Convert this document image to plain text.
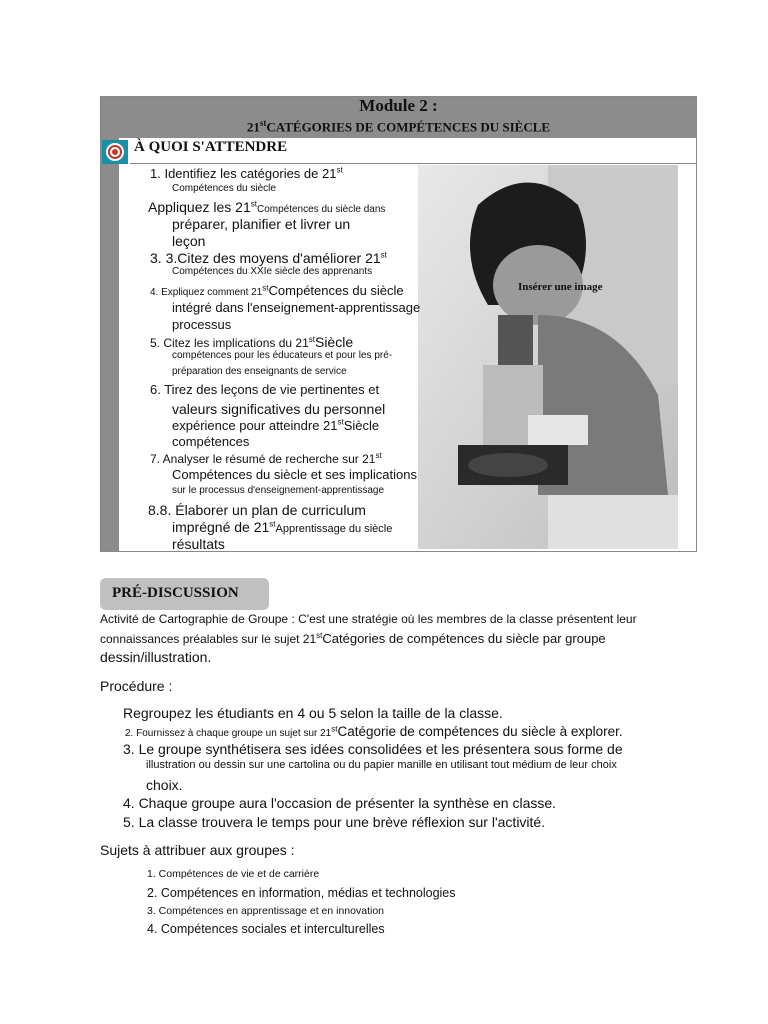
Module 2 :
21stCATÉGORIES DE COMPÉTENCES DU SIÈCLE
À QUOI S'ATTENDRE
Insérer une image
1. Identifiez les catégories de 21st
Compétences du siècle
Appliquez les 21stCompétences du siècle dans
préparer, planifier et livrer un
leçon
3. 3.Citez des moyens d'améliorer 21st
Compétences du XXIe siècle des apprenants
4. Expliquez comment 21stCompétences du siècle
intégré dans l'enseignement-apprentissage
processus
5. Citez les implications du 21stSiècle
compétences pour les éducateurs et pour les pré-
préparation des enseignants de service
6. Tirez des leçons de vie pertinentes et
valeurs significatives du personnel
expérience pour atteindre 21stSiècle
compétences
7. Analyser le résumé de recherche sur 21st
Compétences du siècle et ses implications
sur le processus d'enseignement-apprentissage
8.8. Élaborer un plan de curriculum
imprégné de 21stApprentissage du siècle
résultats
PRÉ-DISCUSSION
Activité de Cartographie de Groupe : C'est une stratégie où les membres de la classe présentent leur
connaissances préalables sur le sujet 21stCatégories de compétences du siècle par groupe
dessin/illustration.
Procédure :
Regroupez les étudiants en 4 ou 5 selon la taille de la classe.
2. Fournissez à chaque groupe un sujet sur 21stCatégorie de compétences du siècle à explorer.
3. Le groupe synthétisera ses idées consolidées et les présentera sous forme de
illustration ou dessin sur une cartolina ou du papier manille en utilisant tout médium de leur choix
choix.
4. Chaque groupe aura l'occasion de présenter la synthèse en classe.
5. La classe trouvera le temps pour une brève réflexion sur l'activité.
Sujets à attribuer aux groupes :
1. Compétences de vie et de carrière
2. Compétences en information, médias et technologies
3. Compétences en apprentissage et en innovation
4. Compétences sociales et interculturelles
